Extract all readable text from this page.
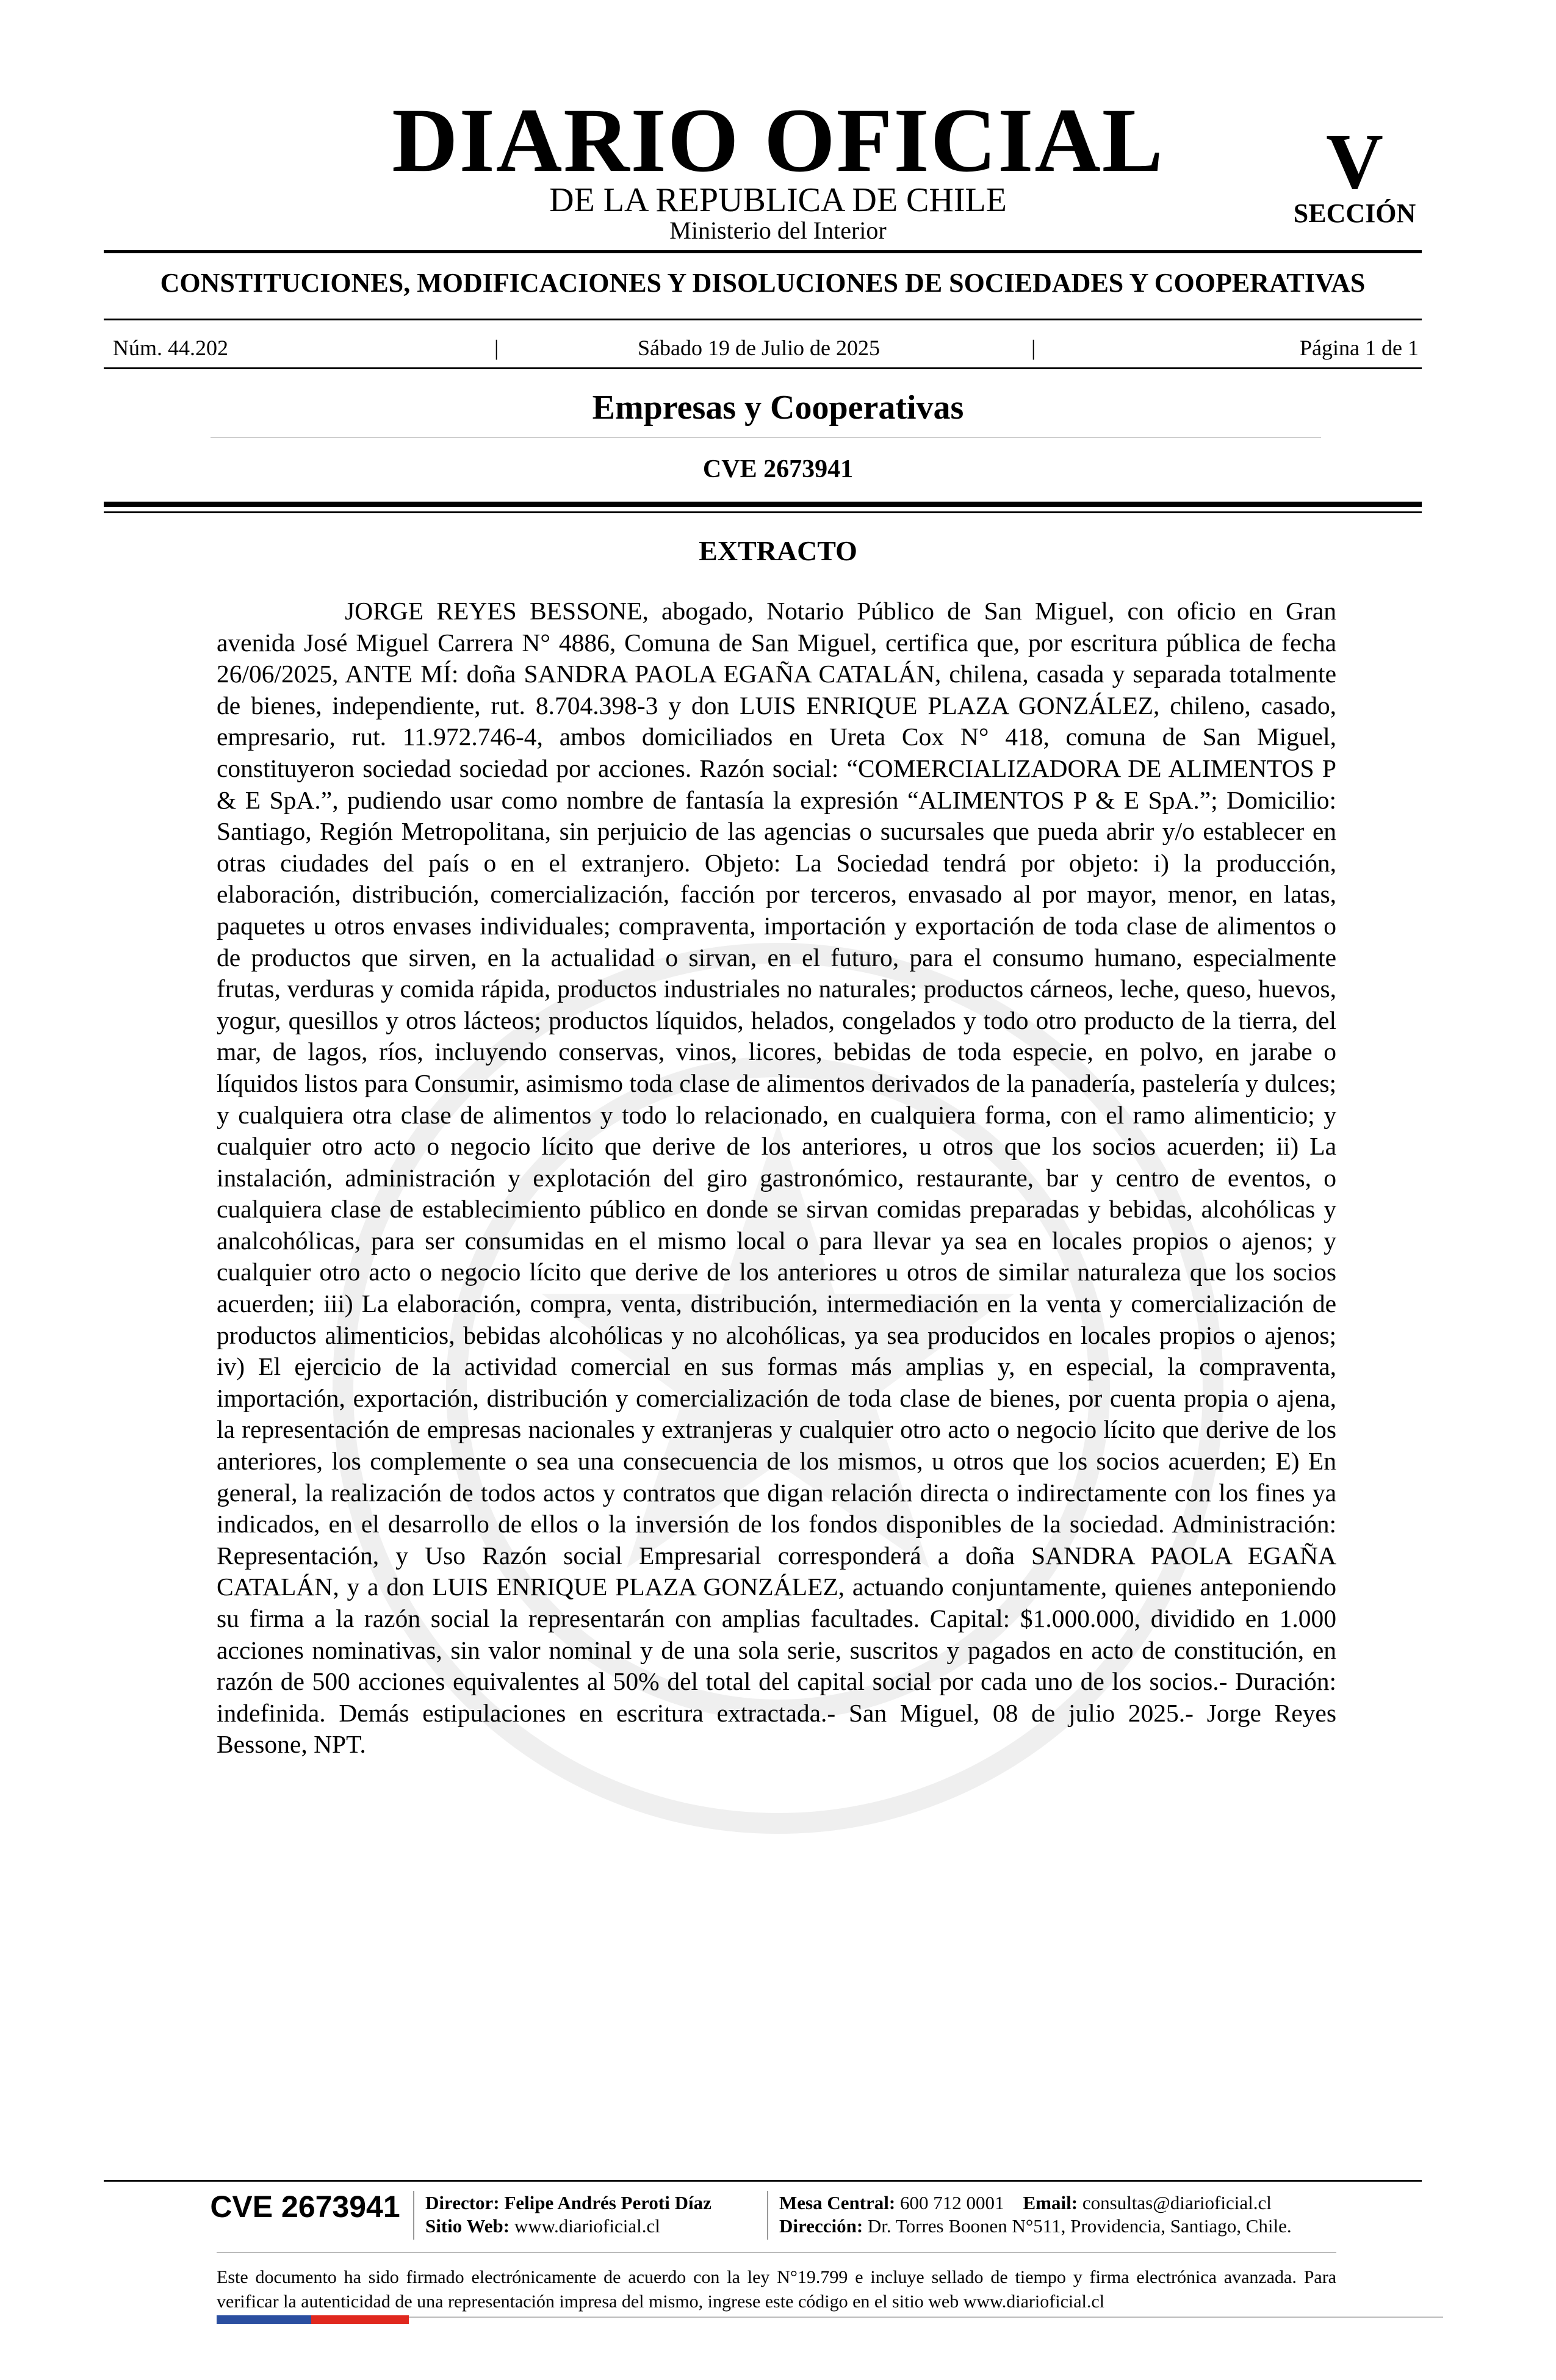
DIARIO OFICIAL
DE LA REPUBLICA DE CHILE
Ministerio del Interior
V
SECCIÓN
CONSTITUCIONES, MODIFICACIONES Y DISOLUCIONES DE SOCIEDADES Y COOPERATIVAS
Núm. 44.202	|	Sábado 19 de Julio de 2025	|	Página 1 de 1
Empresas y Cooperativas
CVE 2673941
EXTRACTO
JORGE REYES BESSONE, abogado, Notario Público de San Miguel, con oficio en Gran avenida José Miguel Carrera N° 4886, Comuna de San Miguel, certifica que, por escritura pública de fecha 26/06/2025, ANTE MÍ: doña SANDRA PAOLA EGAÑA CATALÁN, chilena, casada y separada totalmente de bienes, independiente, rut. 8.704.398-3 y don LUIS ENRIQUE PLAZA GONZÁLEZ, chileno, casado, empresario, rut. 11.972.746-4, ambos domiciliados en Ureta Cox N° 418, comuna de San Miguel, constituyeron sociedad sociedad por acciones. Razón social: “COMERCIALIZADORA DE ALIMENTOS P & E SpA.”, pudiendo usar como nombre de fantasía la expresión “ALIMENTOS P & E SpA.”; Domicilio: Santiago, Región Metropolitana, sin perjuicio de las agencias o sucursales que pueda abrir y/o establecer en otras ciudades del país o en el extranjero. Objeto: La Sociedad tendrá por objeto: i) la producción, elaboración, distribución, comercialización, facción por terceros, envasado al por mayor, menor, en latas, paquetes u otros envases individuales; compraventa, importación y exportación de toda clase de alimentos o de productos que sirven, en la actualidad o sirvan, en el futuro, para el consumo humano, especialmente frutas, verduras y comida rápida, productos industriales no naturales; productos cárneos, leche, queso, huevos, yogur, quesillos y otros lácteos; productos líquidos, helados, congelados y todo otro producto de la tierra, del mar, de lagos, ríos, incluyendo conservas, vinos, licores, bebidas de toda especie, en polvo, en jarabe o líquidos listos para Consumir, asimismo toda clase de alimentos derivados de la panadería, pastelería y dulces; y cualquiera otra clase de alimentos y todo lo relacionado, en cualquiera forma, con el ramo alimenticio; y cualquier otro acto o negocio lícito que derive de los anteriores, u otros que los socios acuerden; ii) La instalación, administración y explotación del giro gastronómico, restaurante, bar y centro de eventos, o cualquiera clase de establecimiento público en donde se sirvan comidas preparadas y bebidas, alcohólicas y analcohólicas, para ser consumidas en el mismo local o para llevar ya sea en locales propios o ajenos; y cualquier otro acto o negocio lícito que derive de los anteriores u otros de similar naturaleza que los socios acuerden; iii) La elaboración, compra, venta, distribución, intermediación en la venta y comercialización de productos alimenticios, bebidas alcohólicas y no alcohólicas, ya sea producidos en locales propios o ajenos; iv) El ejercicio de la actividad comercial en sus formas más amplias y, en especial, la compraventa, importación, exportación, distribución y comercialización de toda clase de bienes, por cuenta propia o ajena, la representación de empresas nacionales y extranjeras y cualquier otro acto o negocio lícito que derive de los anteriores, los complemente o sea una consecuencia de los mismos, u otros que los socios acuerden; E) En general, la realización de todos actos y contratos que digan relación directa o indirectamente con los fines ya indicados, en el desarrollo de ellos o la inversión de los fondos disponibles de la sociedad. Administración: Representación, y Uso Razón social Empresarial corresponderá a doña SANDRA PAOLA EGAÑA CATALÁN, y a don LUIS ENRIQUE PLAZA GONZÁLEZ, actuando conjuntamente, quienes anteponiendo su firma a la razón social la representarán con amplias facultades. Capital: $1.000.000, dividido en 1.000 acciones nominativas, sin valor nominal y de una sola serie, suscritos y pagados en acto de constitución, en razón de 500 acciones equivalentes al 50% del total del capital social por cada uno de los socios.- Duración: indefinida. Demás estipulaciones en escritura extractada.- San Miguel, 08 de julio 2025.- Jorge Reyes Bessone, NPT.
CVE 2673941	Director: Felipe Andrés Peroti Díaz
Sitio Web: www.diarioficial.cl
Mesa Central: 600 712 0001 Email: consultas@diarioficial.cl
Dirección: Dr. Torres Boonen N°511, Providencia, Santiago, Chile.
Este documento ha sido firmado electrónicamente de acuerdo con la ley N°19.799 e incluye sellado de tiempo y firma electrónica avanzada. Para verificar la autenticidad de una representación impresa del mismo, ingrese este código en el sitio web www.diarioficial.cl
